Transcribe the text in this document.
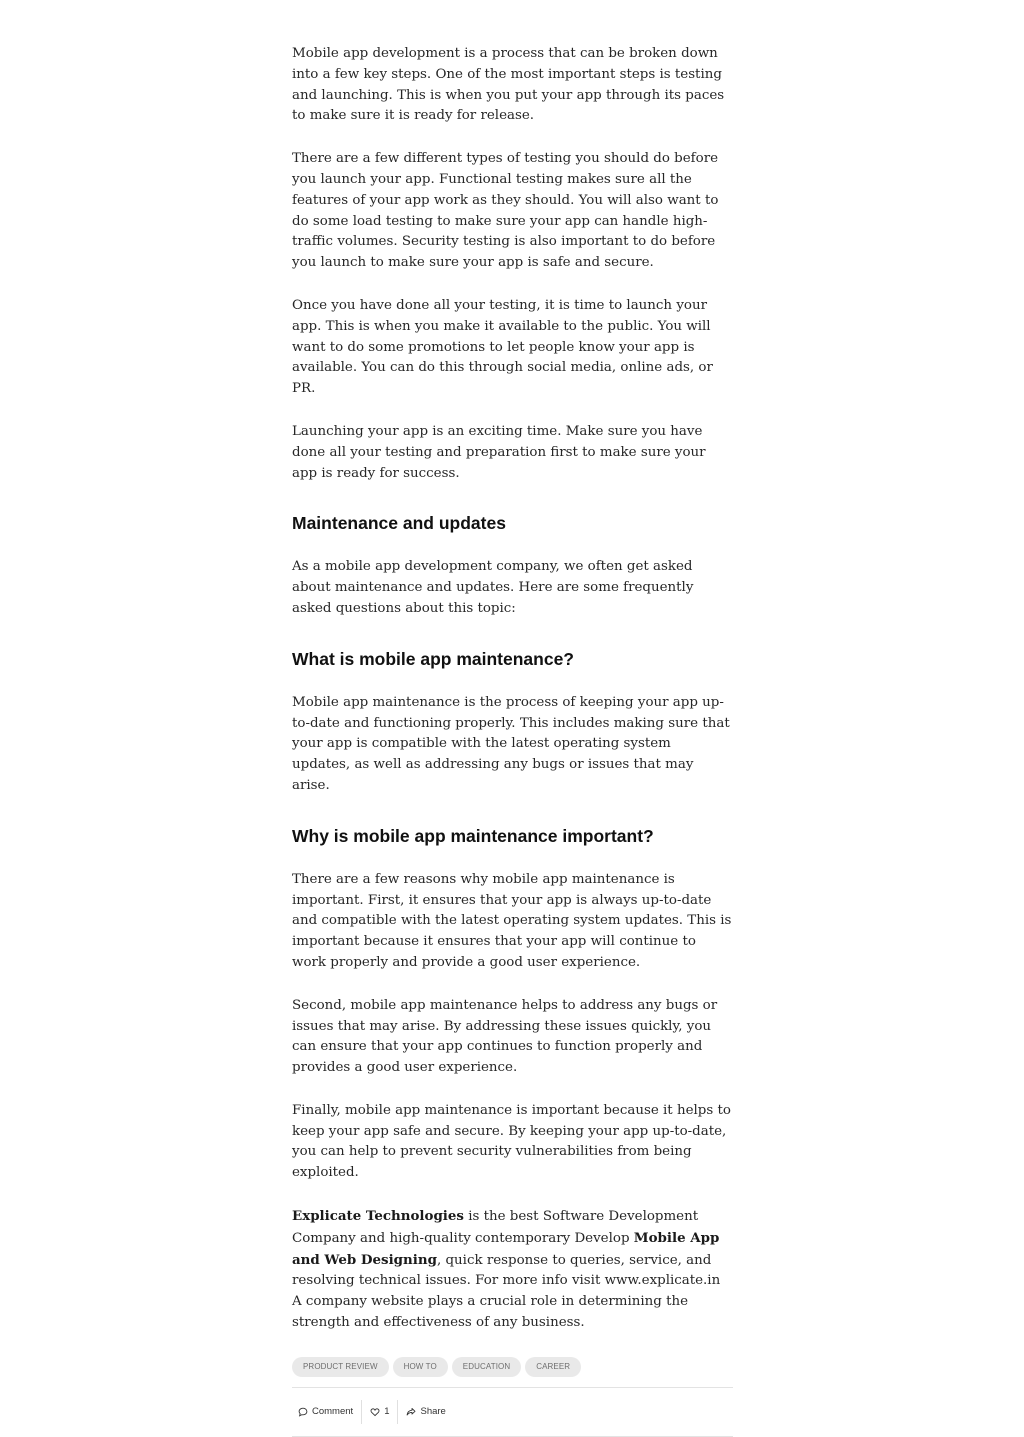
Mobile app development is a process that can be broken down into a few key steps. One of the most important steps is testing and launching. This is when you put your app through its paces to make sure it is ready for release.

There are a few different types of testing you should do before you launch your app. Functional testing makes sure all the features of your app work as they should. You will also want to do some load testing to make sure your app can handle high-traffic volumes. Security testing is also important to do before you launch to make sure your app is safe and secure.

Once you have done all your testing, it is time to launch your app. This is when you make it available to the public. You will want to do some promotions to let people know your app is available. You can do this through social media, online ads, or PR.

Launching your app is an exciting time. Make sure you have done all your testing and preparation first to make sure your app is ready for success.

Maintenance and updates

As a mobile app development company, we often get asked about maintenance and updates. Here are some frequently asked questions about this topic:

What is mobile app maintenance?

Mobile app maintenance is the process of keeping your app up-to-date and functioning properly. This includes making sure that your app is compatible with the latest operating system updates, as well as addressing any bugs or issues that may arise.

Why is mobile app maintenance important?

There are a few reasons why mobile app maintenance is important. First, it ensures that your app is always up-to-date and compatible with the latest operating system updates. This is important because it ensures that your app will continue to work properly and provide a good user experience.

Second, mobile app maintenance helps to address any bugs or issues that may arise. By addressing these issues quickly, you can ensure that your app continues to function properly and provides a good user experience.

Finally, mobile app maintenance is important because it helps to keep your app safe and secure. By keeping your app up-to-date, you can help to prevent security vulnerabilities from being exploited.

Explicate Technologies is the best Software Development Company and high-quality contemporary Develop Mobile App and Web Designing, quick response to queries, service, and resolving technical issues. For more info visit www.explicate.in A company website plays a crucial role in determining the strength and effectiveness of any business.

PRODUCT REVIEW	HOW TO	EDUCATION	CAREER
Comment	1	Share
